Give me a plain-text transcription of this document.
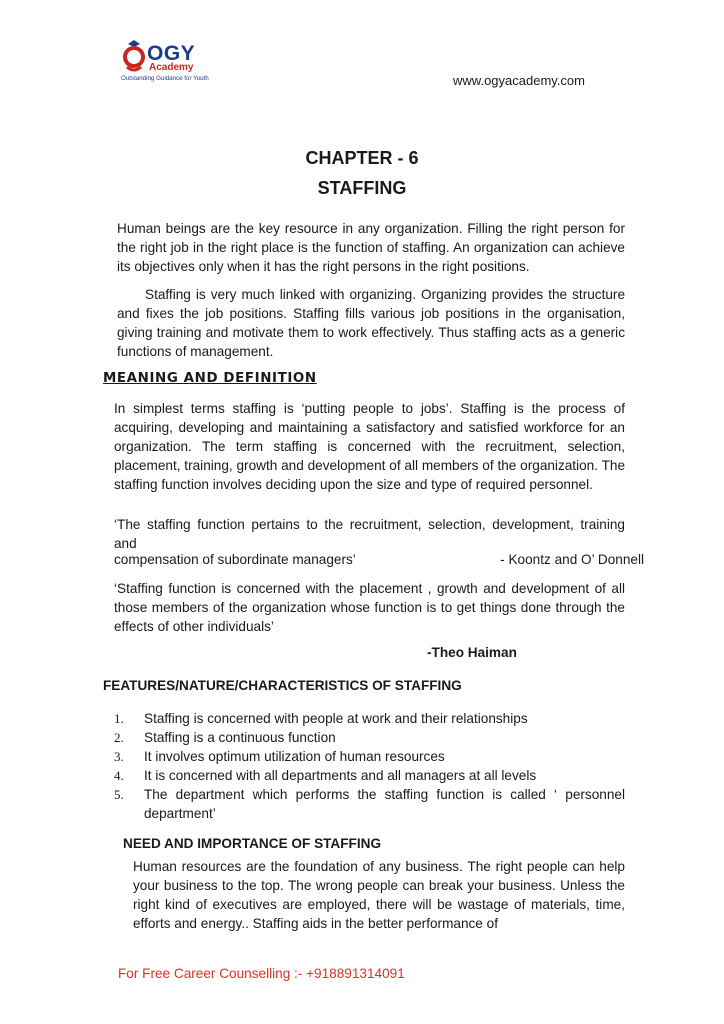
OGY
Academy
Outstanding Guidance for Youth	www.ogyacademy.com
CHAPTER - 6
STAFFING
Human beings are the key resource in any organization. Filling the right person for the right job in the right place is the function of staffing. An organization can achieve its objectives only when it has the right persons in the right positions.
Staffing is very much linked with organizing. Organizing provides the structure and fixes the job positions. Staffing fills various job positions in the organisation, giving training and motivate them to work effectively. Thus staffing acts as a generic functions of management.
MEANING AND DEFINITION
In simplest terms staffing is ‘putting people to jobs’. Staffing is the process of acquiring, developing and maintaining a satisfactory and satisfied workforce for an organization. The term staffing is concerned with the recruitment, selection, placement, training, growth and development of all members of the organization. The staffing function involves deciding upon the size and type of required personnel.
‘The staffing function pertains to the recruitment, selection, development, training and
compensation of subordinate managers’	- Koontz and O’ Donnell
‘Staffing function is concerned with the placement , growth and development of all those members of the organization whose function is to get things done through the effects of other individuals’
-Theo Haiman
FEATURES/NATURE/CHARACTERISTICS OF STAFFING
1. Staffing is concerned with people at work and their relationships
2. Staffing is a continuous function
3. It involves optimum utilization of human resources
4. It is concerned with all departments and all managers at all levels
5. The department which performs the staffing function is called ‘ personnel department’
NEED AND IMPORTANCE OF STAFFING
Human resources are the foundation of any business. The right people can help your business to the top. The wrong people can break your business. Unless the right kind of executives are employed, there will be wastage of materials, time, efforts and energy.. Staffing aids in the better performance of
For Free Career Counselling :- +918891314091
